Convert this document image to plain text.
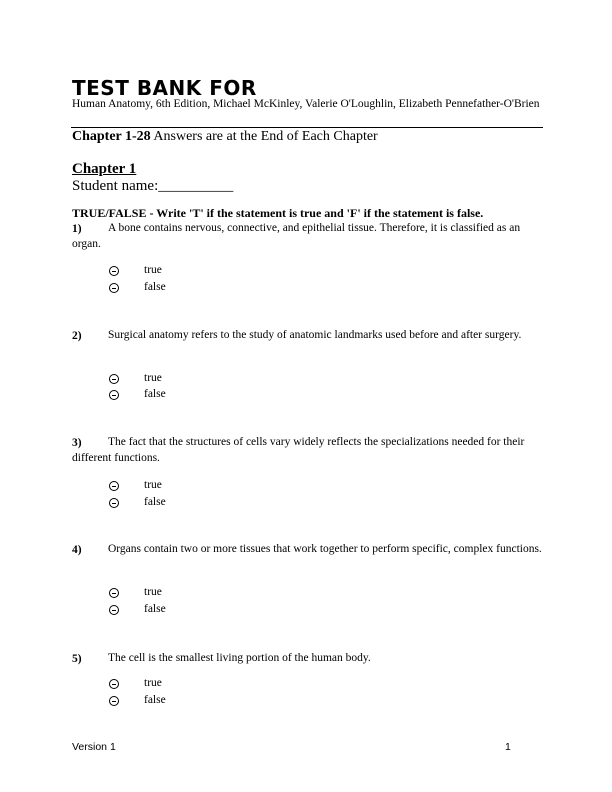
TEST BANK FOR
Human Anatomy, 6th Edition, Michael McKinley, Valerie O'Loughlin, Elizabeth Pennefather-O'Brien
Chapter 1-28 Answers are at the End of Each Chapter
Chapter 1
Student name:__________
TRUE/FALSE - Write 'T' if the statement is true and 'F' if the statement is false.
1)	A bone contains nervous, connective, and epithelial tissue. Therefore, it is classified as an organ.
true
false
2)	Surgical anatomy refers to the study of anatomic landmarks used before and after surgery.
true
false
3)	The fact that the structures of cells vary widely reflects the specializations needed for their different functions.
true
false
4)	Organs contain two or more tissues that work together to perform specific, complex functions.
true
false
5)	The cell is the smallest living portion of the human body.
true
false
Version 1	1
